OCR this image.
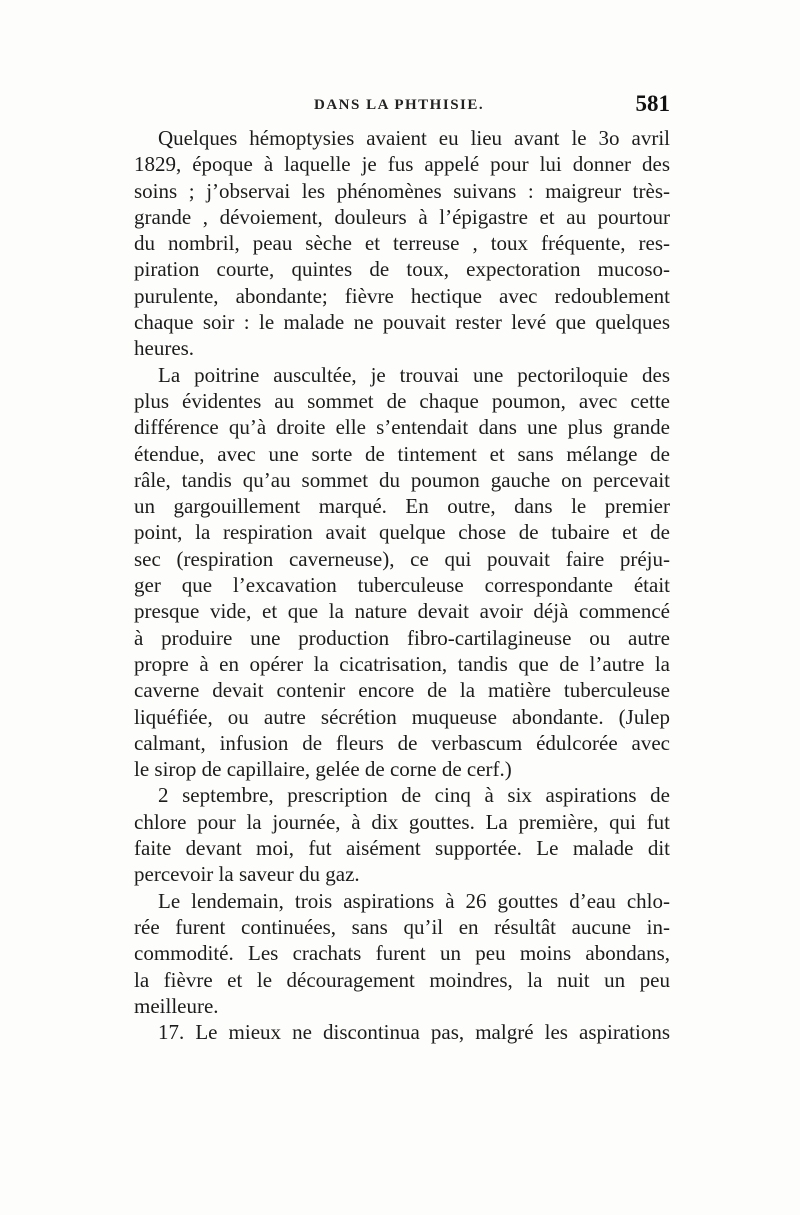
DANS LA PHTHISIE.	581
Quelques hémoptysies avaient eu lieu avant le 3o avril
1829, époque à laquelle je fus appelé pour lui donner des
soins ; j’observai les phénomènes suivans : maigreur très-
grande , dévoiement, douleurs à l’épigastre et au pourtour
du nombril, peau sèche et terreuse , toux fréquente, res-
piration courte, quintes de toux, expectoration mucoso-
purulente, abondante; fièvre hectique avec redoublement
chaque soir : le malade ne pouvait rester levé que quelques
heures.
La poitrine auscultée, je trouvai une pectoriloquie des
plus évidentes au sommet de chaque poumon, avec cette
différence qu’à droite elle s’entendait dans une plus grande
étendue, avec une sorte de tintement et sans mélange de
râle, tandis qu’au sommet du poumon gauche on percevait
un gargouillement marqué. En outre, dans le premier
point, la respiration avait quelque chose de tubaire et de
sec (respiration caverneuse), ce qui pouvait faire préju-
ger que l’excavation tuberculeuse correspondante était
presque vide, et que la nature devait avoir déjà commencé
à produire une production fibro-cartilagineuse ou autre
propre à en opérer la cicatrisation, tandis que de l’autre la
caverne devait contenir encore de la matière tuberculeuse
liquéfiée, ou autre sécrétion muqueuse abondante. (Julep
calmant, infusion de fleurs de verbascum édulcorée avec
le sirop de capillaire, gelée de corne de cerf.)
2 septembre, prescription de cinq à six aspirations de
chlore pour la journée, à dix gouttes. La première, qui fut
faite devant moi, fut aisément supportée. Le malade dit
percevoir la saveur du gaz.
Le lendemain, trois aspirations à 26 gouttes d’eau chlo-
rée furent continuées, sans qu’il en résultât aucune in-
commodité. Les crachats furent un peu moins abondans,
la fièvre et le découragement moindres, la nuit un peu
meilleure.
17. Le mieux ne discontinua pas, malgré les aspirations
